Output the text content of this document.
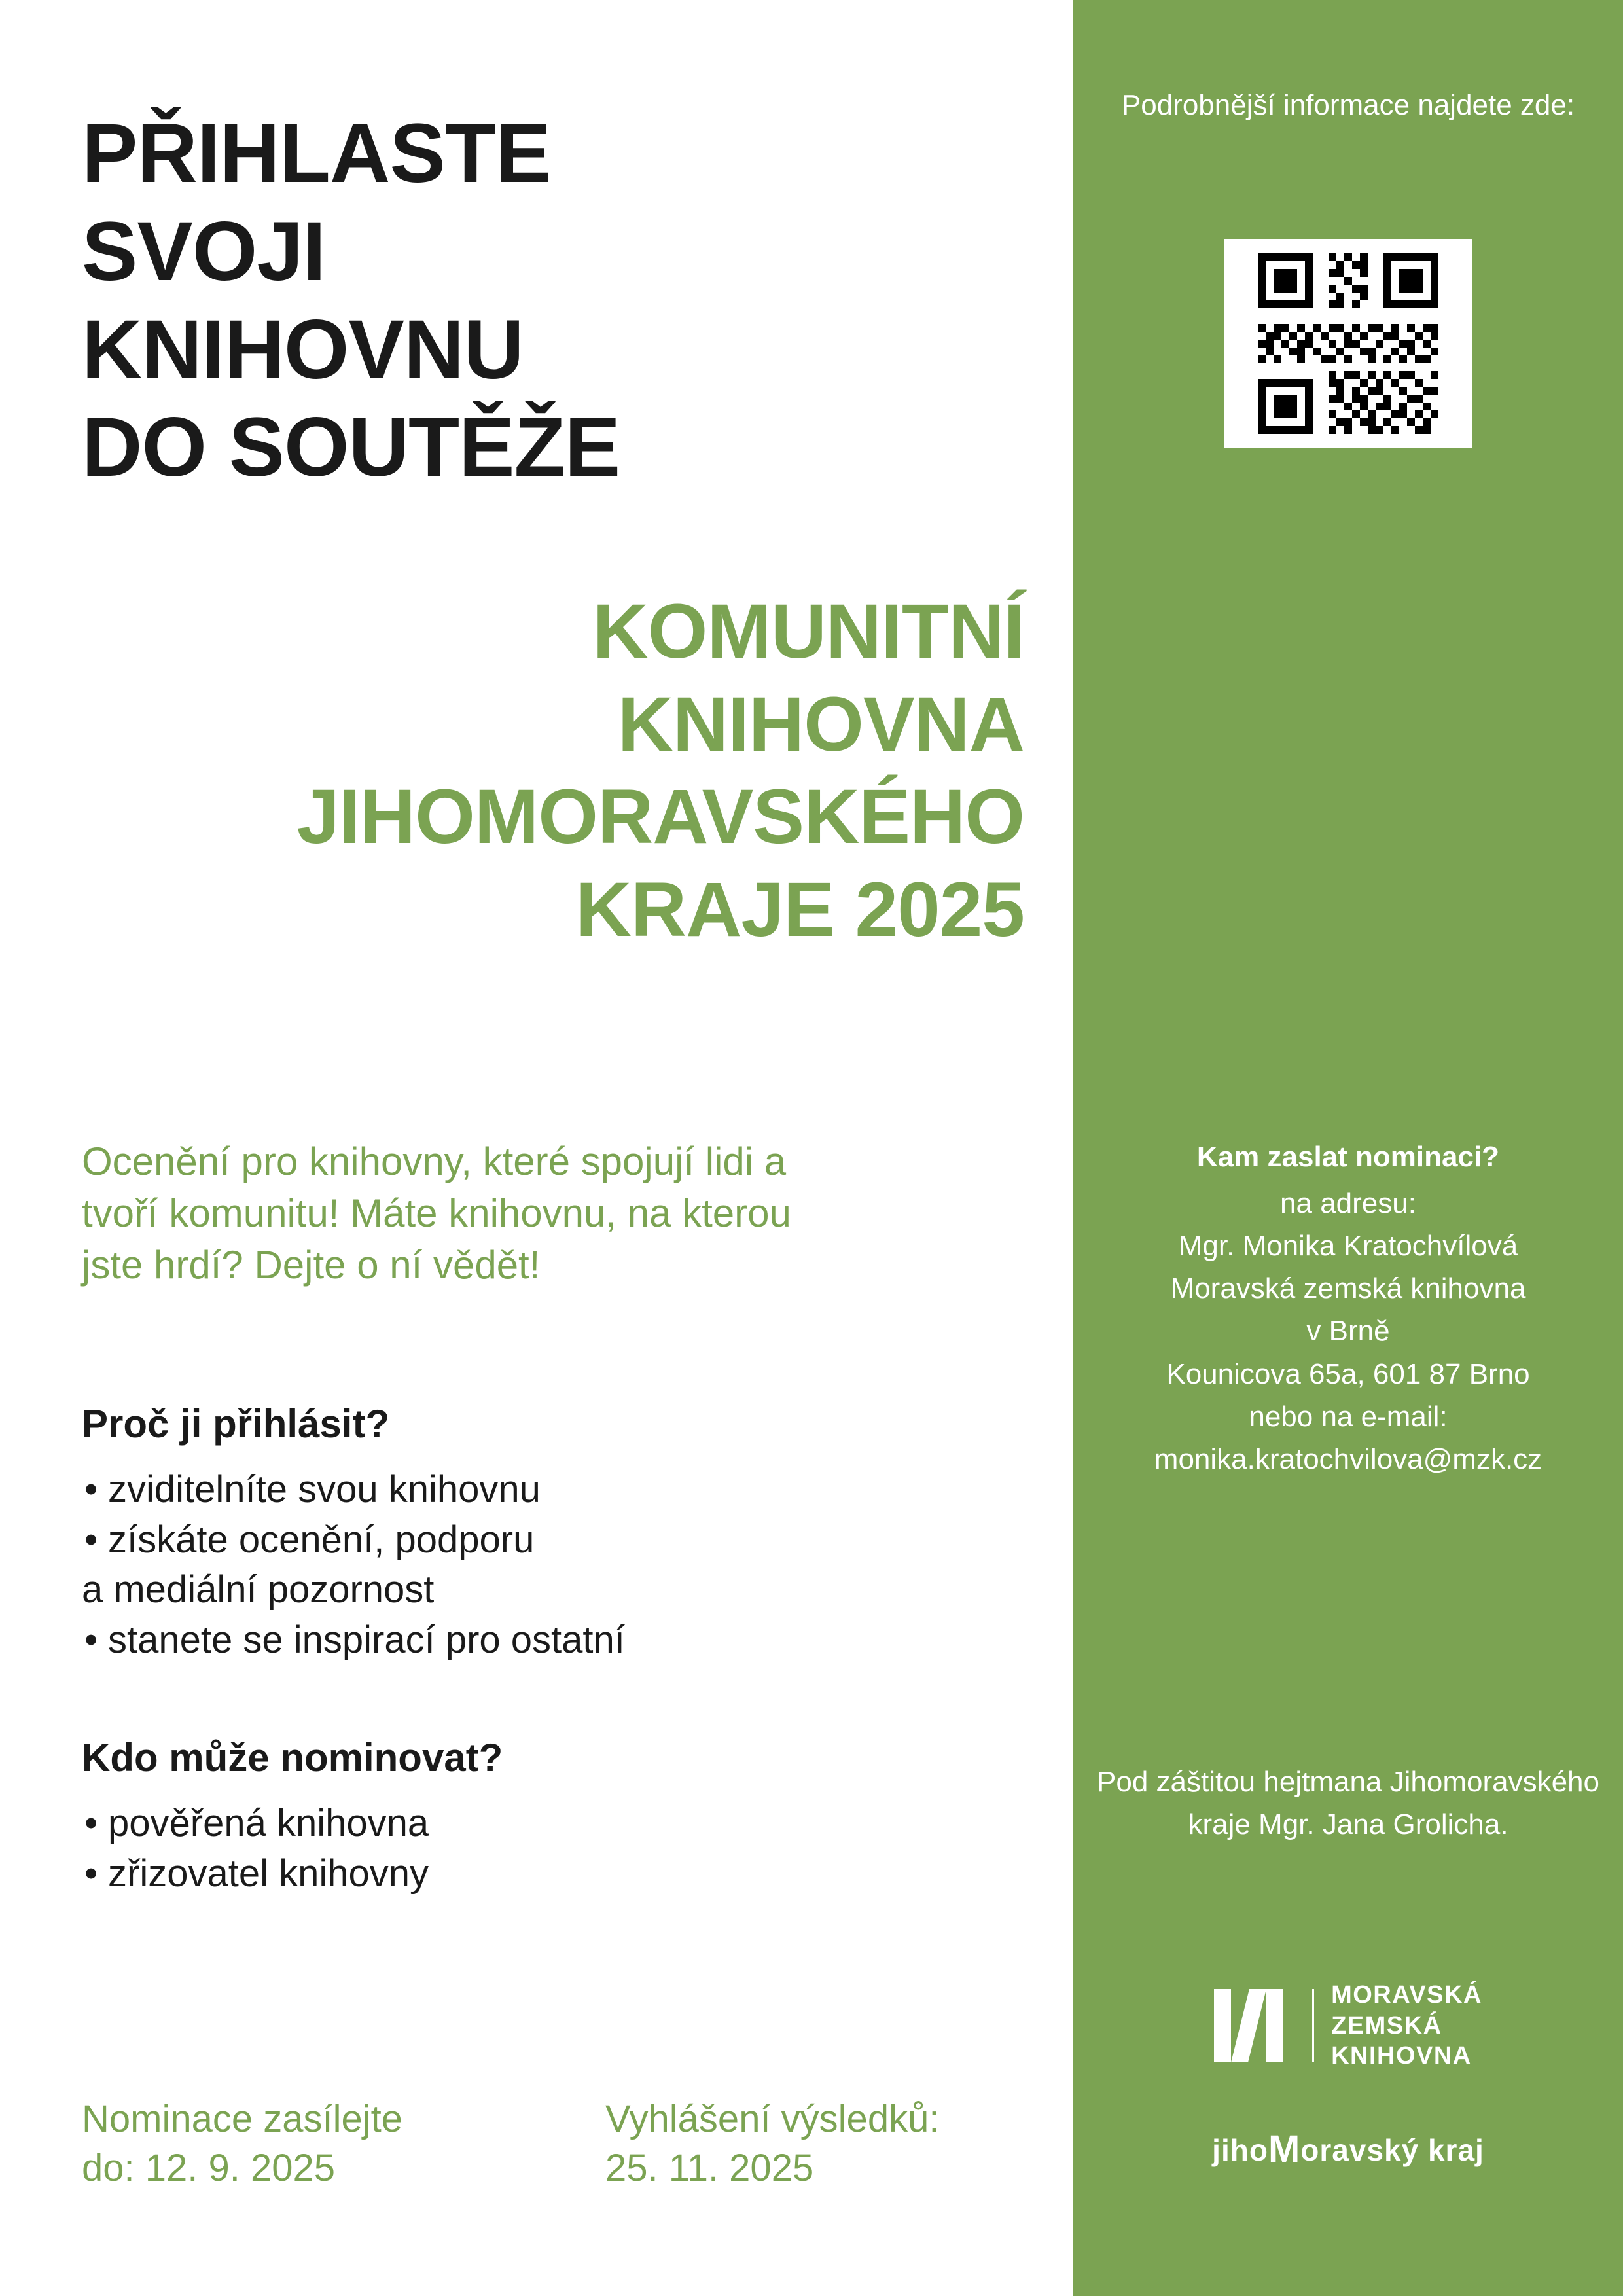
PŘIHLASTE
SVOJI
KNIHOVNU
DO SOUTĚŽE
KOMUNITNÍ
KNIHOVNA
JIHOMORAVSKÉHO
KRAJE 2025
Ocenění pro knihovny, které spojují lidi a tvoří komunitu! Máte knihovnu, na kterou jste hrdí? Dejte o ní vědět!
Proč ji přihlásit?
• zviditelníte svou knihovnu
• získáte ocenění, podporu
a mediální pozornost
• stanete se inspirací pro ostatní
Kdo může nominovat?
• pověřená knihovna
• zřizovatel knihovny
Nominace zasílejte
do: 12. 9. 2025
Vyhlášení výsledků:
25. 11. 2025
Podrobnější informace najdete zde:
Kam zaslat nominaci?
na adresu:
Mgr. Monika Kratochvílová
Moravská zemská knihovna
v Brně
Kounicova 65a, 601 87 Brno
nebo na e-mail:
monika.kratochvilova@mzk.cz
Pod záštitou hejtmana Jihomoravského kraje Mgr. Jana Grolicha.
MORAVSKÁ
ZEMSKÁ
KNIHOVNA
jihoMoravský kraj
